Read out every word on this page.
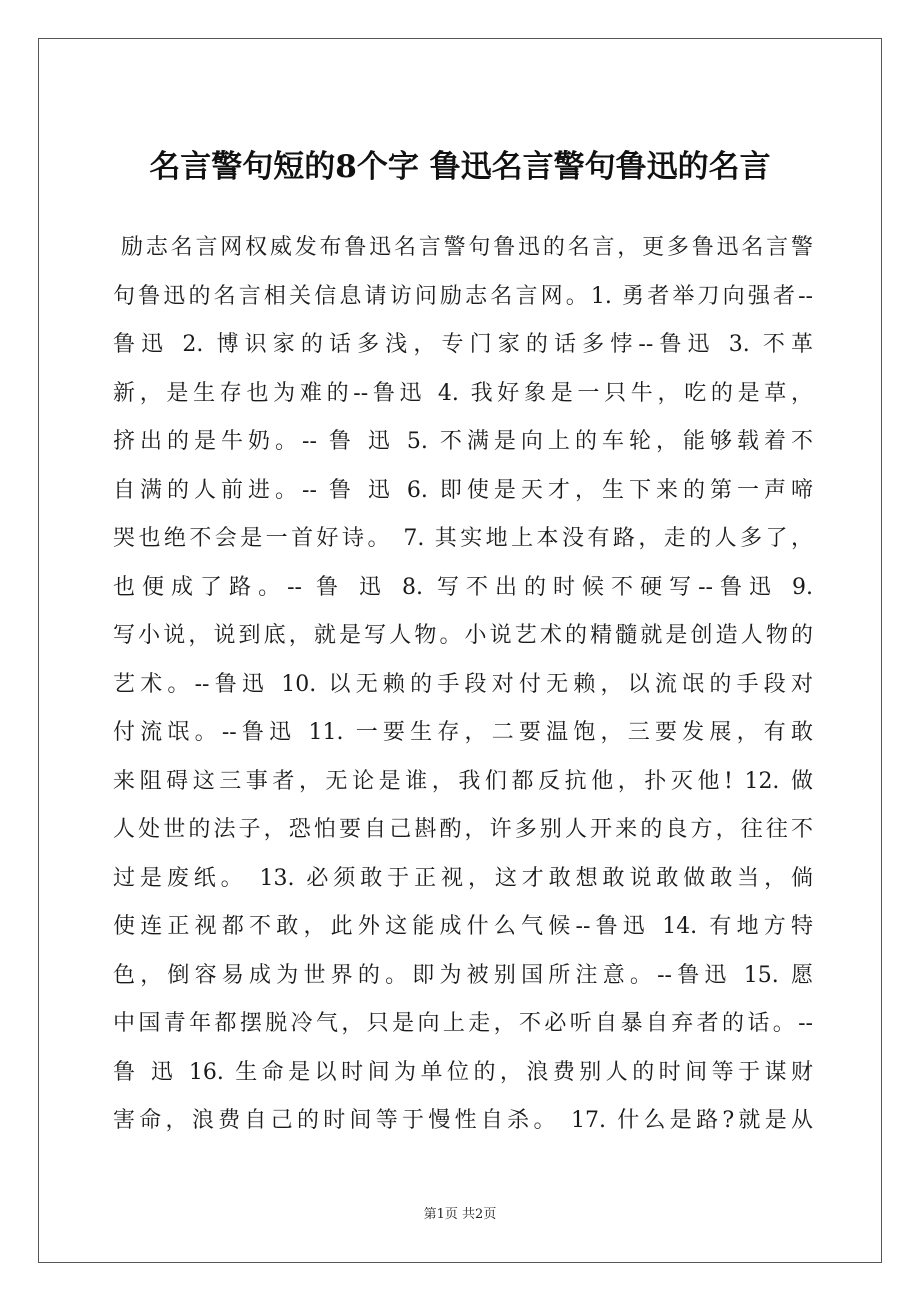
名言警句短的8个字 鲁迅名言警句鲁迅的名言
励志名言网权威发布鲁迅名言警句鲁迅的名言，更多鲁迅名言警
句鲁迅的名言相关信息请访问励志名言网。1. 勇者举刀向强者--
鲁迅 2. 博识家的话多浅，专门家的话多悖--鲁迅 3. 不革
新，是生存也为难的--鲁迅 4. 我好象是一只牛，吃的是草，
挤出的是牛奶。-- 鲁 迅 5. 不满是向上的车轮，能够载着不
自满的人前进。-- 鲁 迅 6. 即使是天才，生下来的第一声啼
哭也绝不会是一首好诗。 7. 其实地上本没有路，走的人多了，
也便成了路。-- 鲁 迅 8. 写不出的时候不硬写--鲁迅 9.
写小说，说到底，就是写人物。小说艺术的精髓就是创造人物的
艺术。--鲁迅 10. 以无赖的手段对付无赖，以流氓的手段对
付流氓。--鲁迅 11. 一要生存，二要温饱，三要发展，有敢
来阻碍这三事者，无论是谁，我们都反抗他，扑灭他! 12. 做
人处世的法子，恐怕要自己斟酌，许多别人开来的良方，往往不
过是废纸。 13. 必须敢于正视，这才敢想敢说敢做敢当，倘
使连正视都不敢，此外这能成什么气候--鲁迅 14. 有地方特
色，倒容易成为世界的。即为被别国所注意。--鲁迅 15. 愿
中国青年都摆脱冷气，只是向上走，不必听自暴自弃者的话。--
鲁 迅 16. 生命是以时间为单位的，浪费别人的时间等于谋财
害命，浪费自己的时间等于慢性自杀。 17. 什么是路?就是从
第1页 共2页
